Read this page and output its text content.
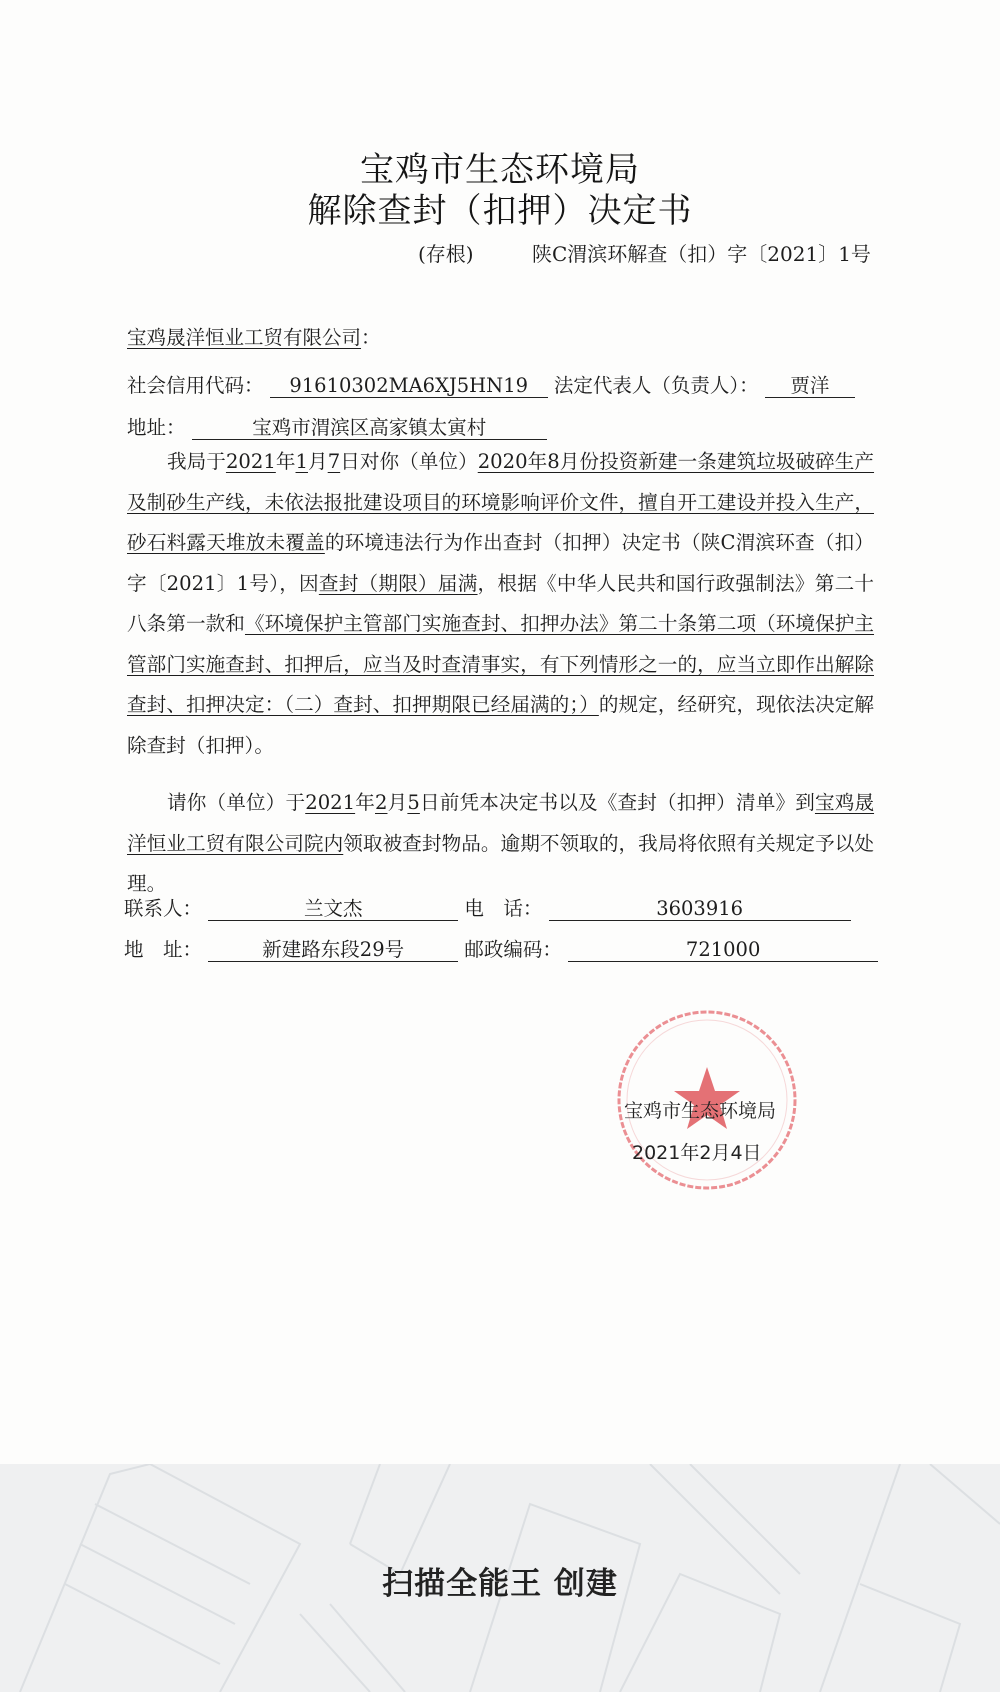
宝鸡市生态环境局
解除查封（扣押）决定书
(存根)	陕C渭滨环解查（扣）字〔2021〕1号
宝鸡晟洋恒业工贸有限公司：
社会信用代码： 91610302MA6XJ5HN19 法定代表人（负责人）： 贾洋
地址：	宝鸡市渭滨区高家镇太寅村
我局于2021年1月7日对你（单位）2020年8月份投资新建一条建筑垃圾破碎生产及制砂生产线，未依法报批建设项目的环境影响评价文件，擅自开工建设并投入生产，砂石料露天堆放未覆盖的环境违法行为作出查封（扣押）决定书（陕C渭滨环查（扣）字〔2021〕1号），因查封（期限）届满，根据《中华人民共和国行政强制法》第二十八条第一款和《环境保护主管部门实施查封、扣押办法》第二十条第二项（环境保护主管部门实施查封、扣押后，应当及时查清事实，有下列情形之一的，应当立即作出解除查封、扣押决定：（二）查封、扣押期限已经届满的；）的规定，经研究，现依法决定解除查封（扣押）。
请你（单位）于2021年2月5日前凭本决定书以及《查封（扣押）清单》到宝鸡晟洋恒业工贸有限公司院内领取被查封物品。逾期不领取的，我局将依照有关规定予以处理。
联系人：	兰文杰	电　话：	3603916
地　址：	新建路东段29号	邮政编码：	721000
宝鸡市生态环境局
2021年2月4日
扫描全能王 创建
